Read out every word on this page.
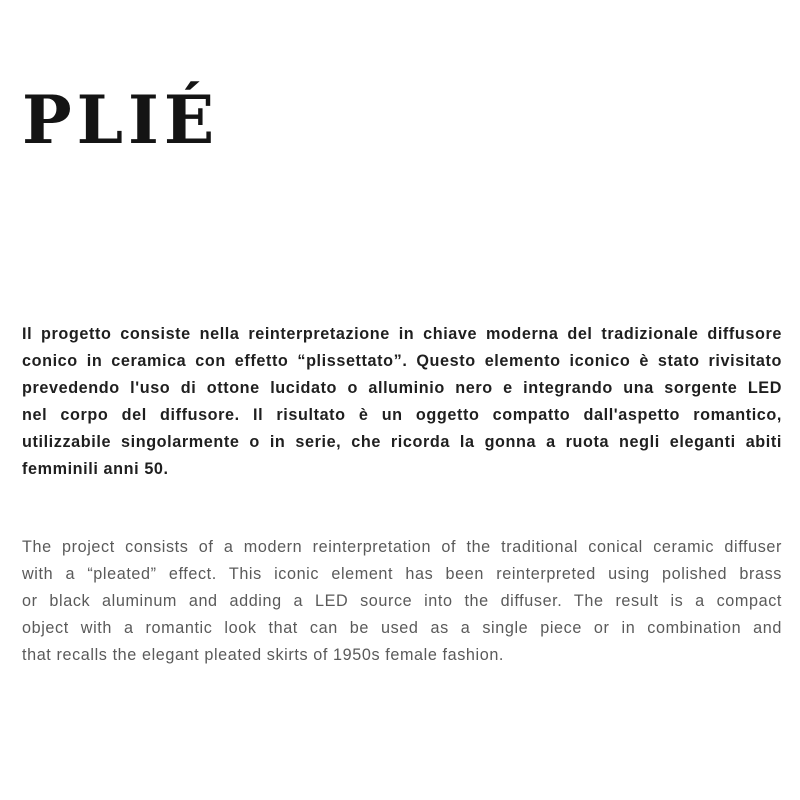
PLIÉ

Il progetto consiste nella reinterpretazione in chiave moderna del tradizionale diffusore
conico in ceramica con effetto “plissettato”. Questo elemento iconico è stato rivisitato
prevedendo l'uso di ottone lucidato o alluminio nero e integrando una sorgente LED
nel corpo del diffusore. Il risultato è un oggetto compatto dall'aspetto romantico,
utilizzabile singolarmente o in serie, che ricorda la gonna a ruota negli eleganti abiti
femminili anni 50.

The project consists of a modern reinterpretation of the traditional conical ceramic diffuser
with a “pleated” effect. This iconic element has been reinterpreted using polished brass
or black aluminum and adding a LED source into the diffuser. The result is a compact
object with a romantic look that can be used as a single piece or in combination and
that recalls the elegant pleated skirts of 1950s female fashion.
